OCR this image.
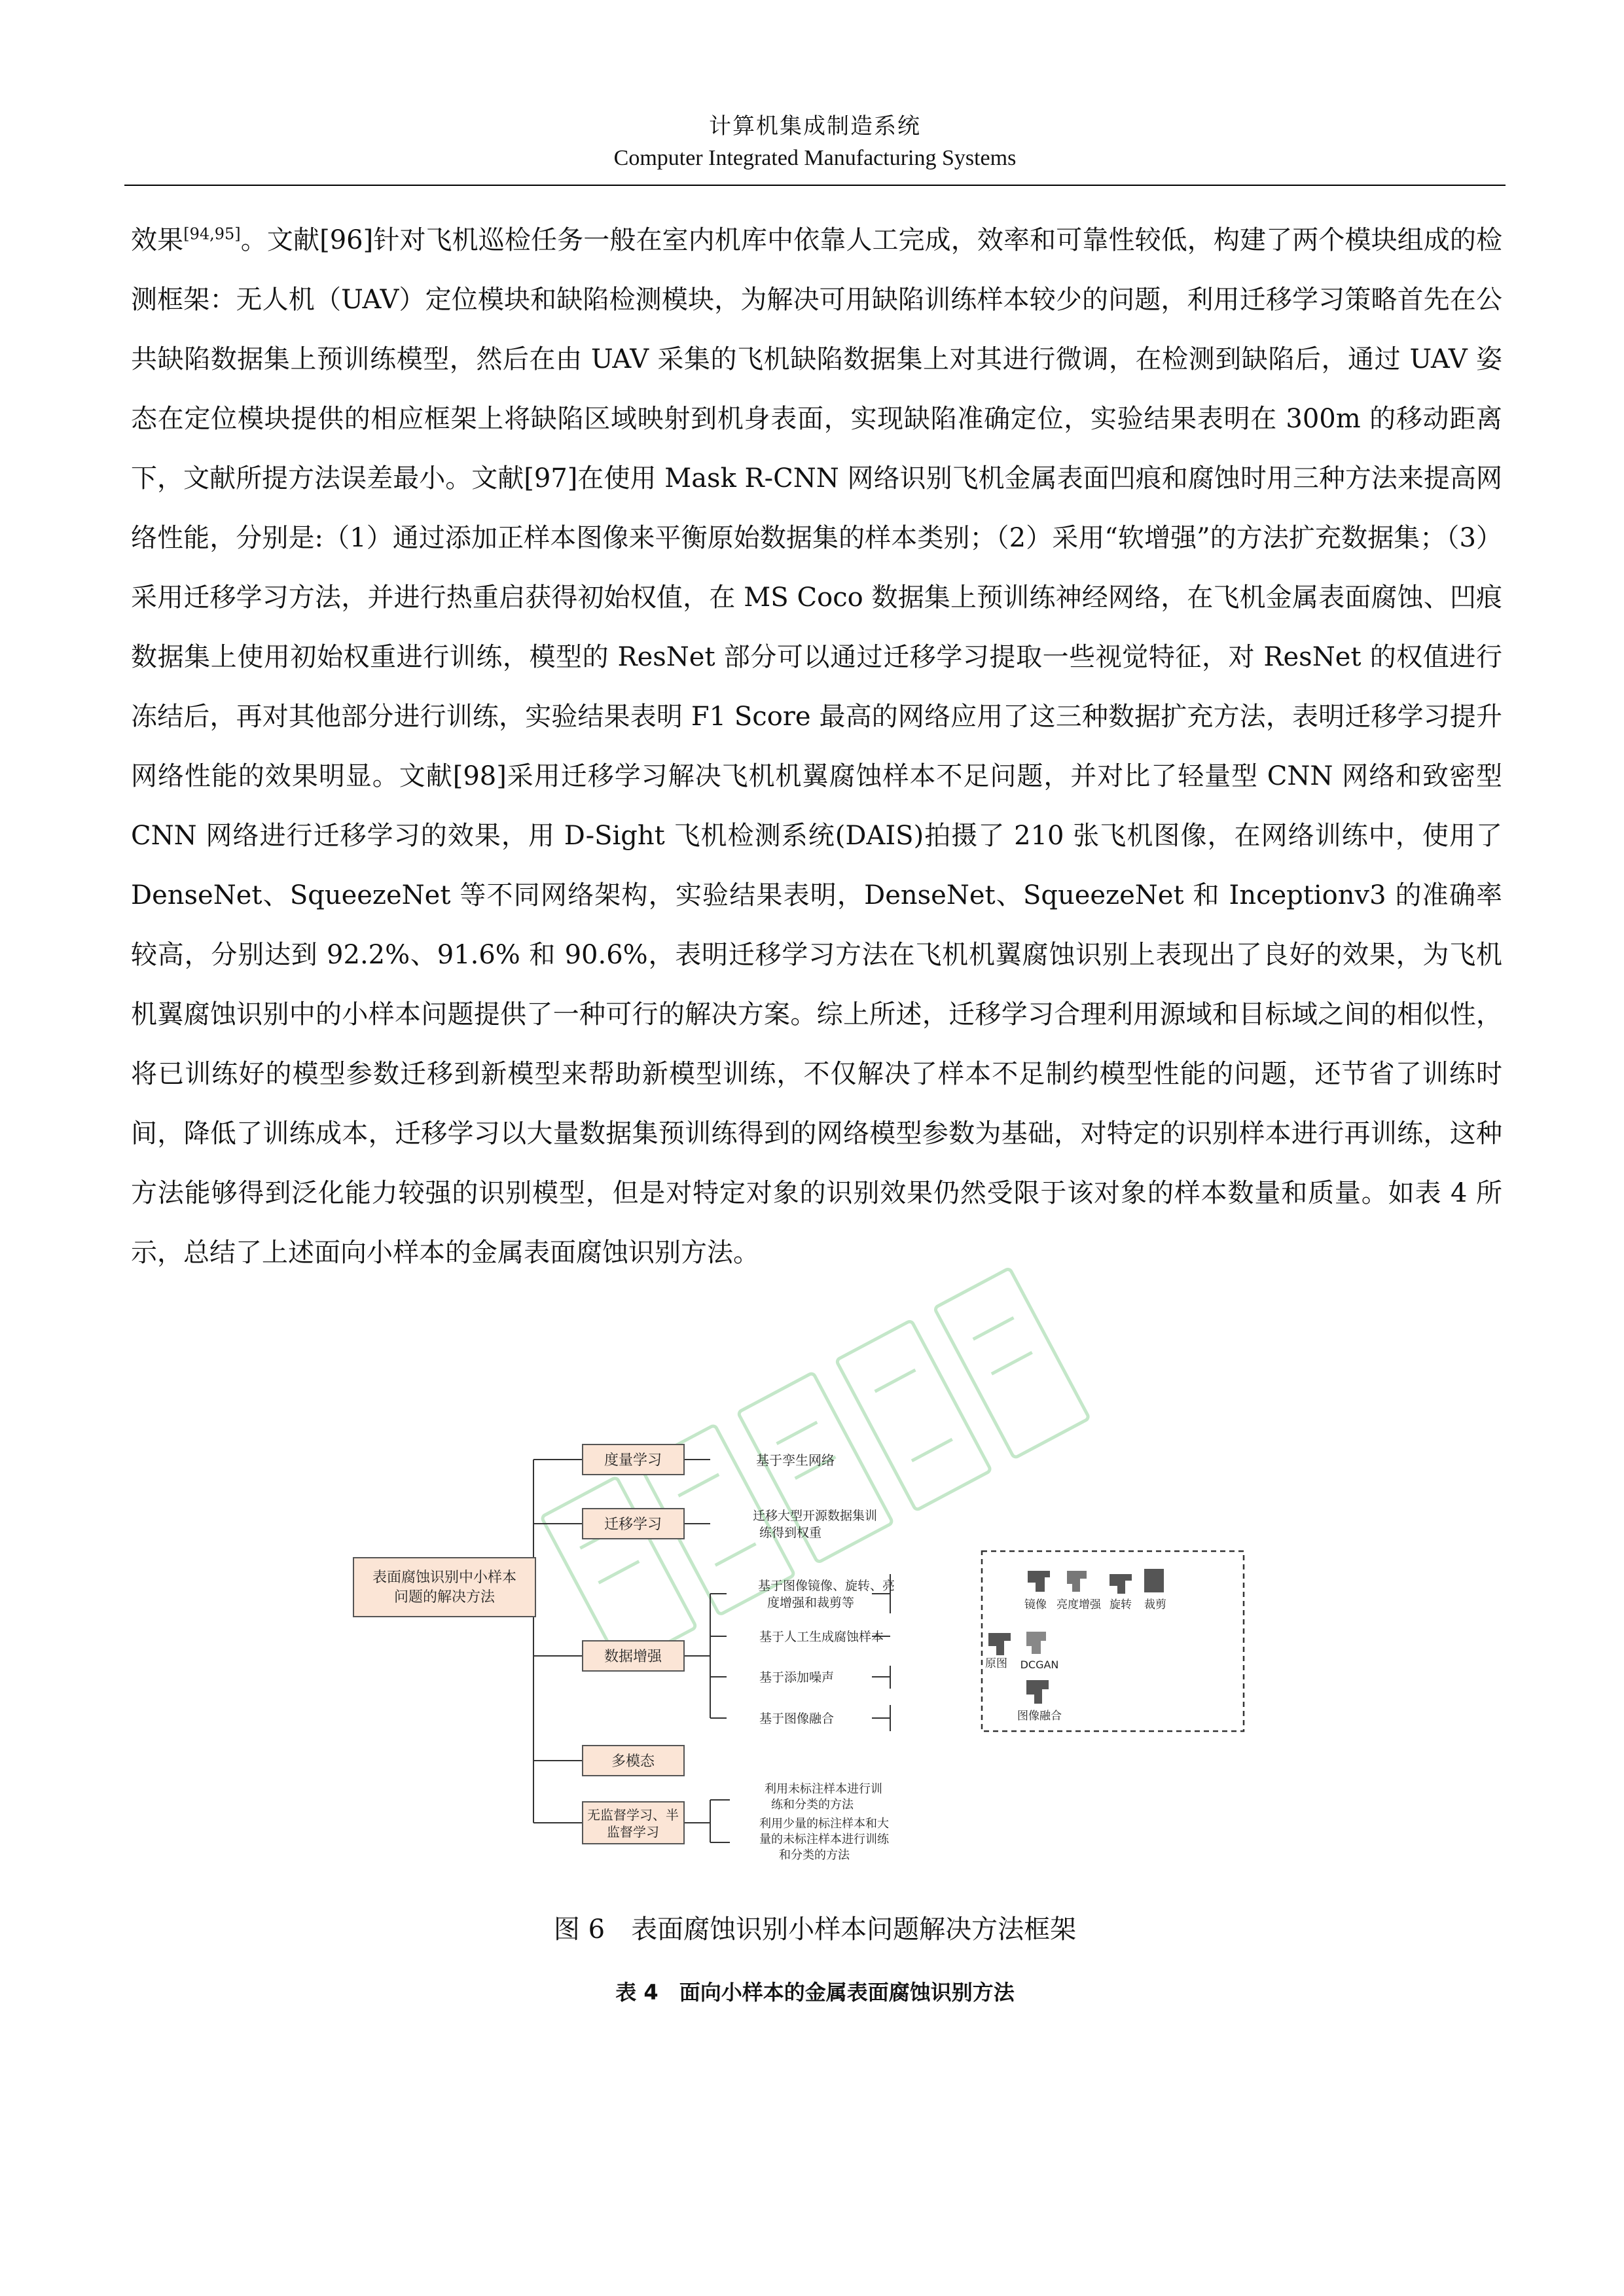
计算机集成制造系统
Computer Integrated Manufacturing Systems
效果[94,95]。文献[96]针对飞机巡检任务一般在室内机库中依靠人工完成，效率和可靠性较低，构建了两个模块组成的检测框架：无人机（UAV）定位模块和缺陷检测模块，为解决可用缺陷训练样本较少的问题，利用迁移学习策略首先在公共缺陷数据集上预训练模型，然后在由 UAV 采集的飞机缺陷数据集上对其进行微调，在检测到缺陷后，通过 UAV 姿态在定位模块提供的相应框架上将缺陷区域映射到机身表面，实现缺陷准确定位，实验结果表明在 300m 的移动距离下，文献所提方法误差最小。文献[97]在使用 Mask R-CNN 网络识别飞机金属表面凹痕和腐蚀时用三种方法来提高网络性能，分别是:（1）通过添加正样本图像来平衡原始数据集的样本类别；（2）采用“软增强”的方法扩充数据集；（3）采用迁移学习方法，并进行热重启获得初始权值，在 MS Coco 数据集上预训练神经网络，在飞机金属表面腐蚀、凹痕数据集上使用初始权重进行训练，模型的 ResNet 部分可以通过迁移学习提取一些视觉特征，对 ResNet 的权值进行冻结后，再对其他部分进行训练，实验结果表明 F1 Score 最高的网络应用了这三种数据扩充方法，表明迁移学习提升网络性能的效果明显。文献[98]采用迁移学习解决飞机机翼腐蚀样本不足问题，并对比了轻量型 CNN 网络和致密型 CNN 网络进行迁移学习的效果，用 D-Sight 飞机检测系统(DAIS)拍摄了 210 张飞机图像，在网络训练中，使用了 DenseNet、SqueezeNet 等不同网络架构，实验结果表明，DenseNet、SqueezeNet 和 Inceptionv3 的准确率较高，分别达到 92.2%、91.6% 和 90.6%，表明迁移学习方法在飞机机翼腐蚀识别上表现出了良好的效果，为飞机机翼腐蚀识别中的小样本问题提供了一种可行的解决方案。综上所述，迁移学习合理利用源域和目标域之间的相似性，将已训练好的模型参数迁移到新模型来帮助新模型训练，不仅解决了样本不足制约模型性能的问题，还节省了训练时间，降低了训练成本，迁移学习以大量数据集预训练得到的网络模型参数为基础，对特定的识别样本进行再训练，这种方法能够得到泛化能力较强的识别模型，但是对特定对象的识别效果仍然受限于该对象的样本数量和质量。如表 4 所示，总结了上述面向小样本的金属表面腐蚀识别方法。
表面腐蚀识别中小样本
问题的解决方法
度量学习
迁移学习
数据增强
多模态
无监督学习、半
监督学习
基于孪生网络
迁移大型开源数据集训
练得到权重
基于图像镜像、旋转、亮
度增强和裁剪等
基于人工生成腐蚀样本
基于添加噪声
基于图像融合
利用未标注样本进行训
练和分类的方法
利用少量的标注样本和大
量的未标注样本进行训练
和分类的方法
镜像 亮度增强 旋转 裁剪
原图 DCGAN
图像融合
图 6　表面腐蚀识别小样本问题解决方法框架
表 4　面向小样本的金属表面腐蚀识别方法
